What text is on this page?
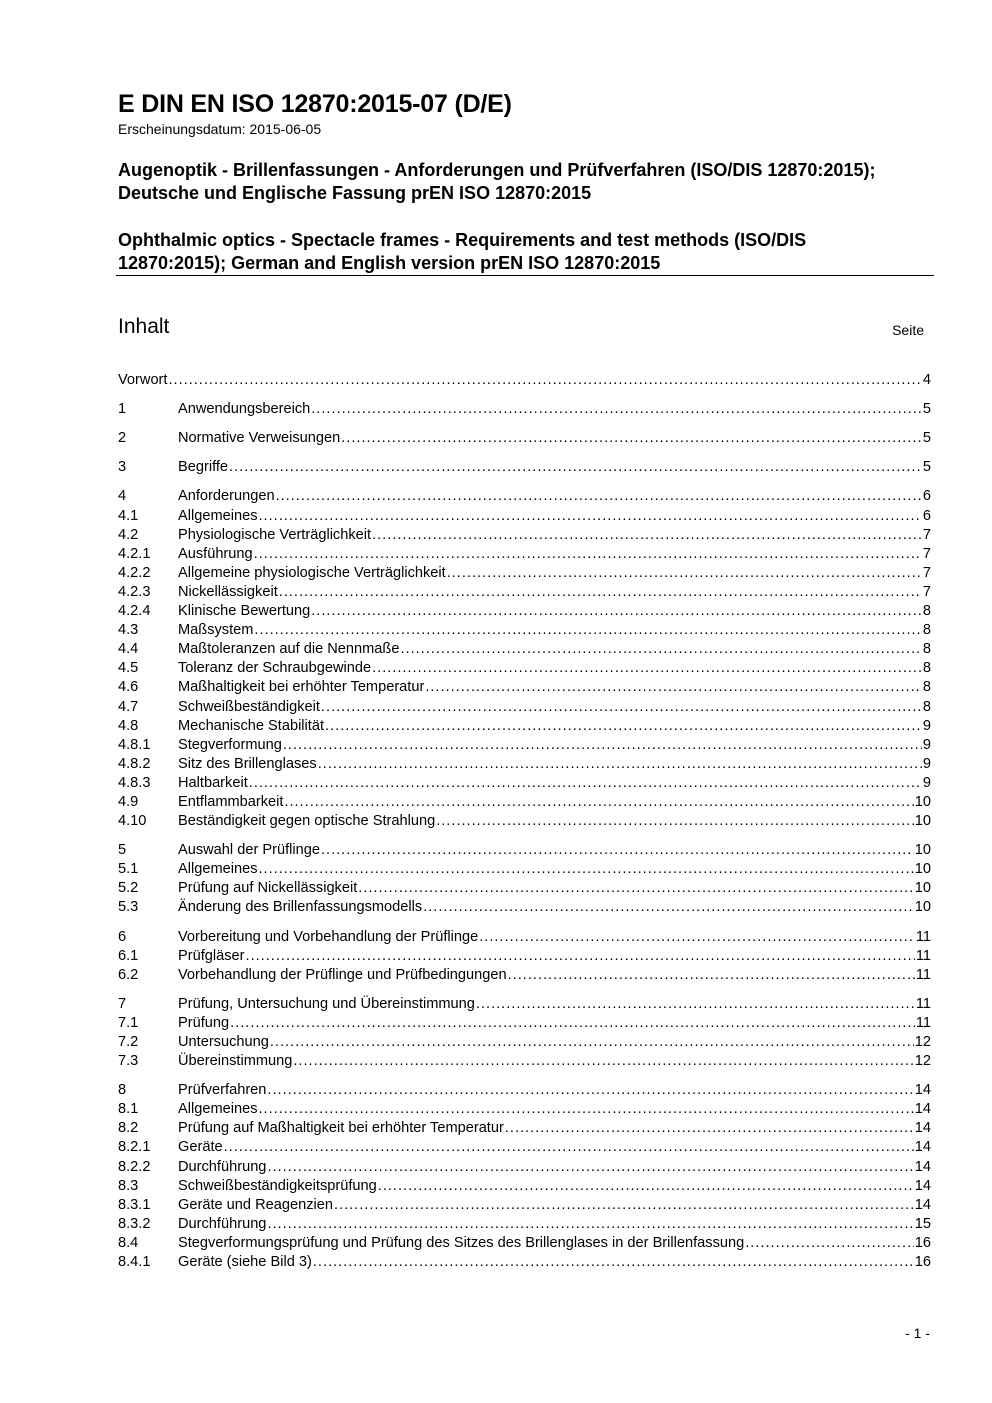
E DIN EN ISO 12870:2015-07 (D/E)
Erscheinungsdatum: 2015-06-05
Augenoptik - Brillenfassungen - Anforderungen und Prüfverfahren (ISO/DIS 12870:2015); Deutsche und Englische Fassung prEN ISO 12870:2015
Ophthalmic optics - Spectacle frames - Requirements and test methods (ISO/DIS 12870:2015); German and English version prEN ISO 12870:2015
Inhalt	Seite
Vorwort .....	4
1	Anwendungsbereich .....	5
2	Normative Verweisungen .....	5
3	Begriffe .....	5
4	Anforderungen .....	6
4.1	Allgemeines .....	6
4.2	Physiologische Verträglichkeit .....	7
4.2.1	Ausführung .....	7
4.2.2	Allgemeine physiologische Verträglichkeit .....	7
4.2.3	Nickellässigkeit .....	7
4.2.4	Klinische Bewertung .....	8
4.3	Maßsystem .....	8
4.4	Maßtoleranzen auf die Nennmaße .....	8
4.5	Toleranz der Schraubgewinde .....	8
4.6	Maßhaltigkeit bei erhöhter Temperatur .....	8
4.7	Schweißbeständigkeit .....	8
4.8	Mechanische Stabilität .....	9
4.8.1	Stegverformung .....	9
4.8.2	Sitz des Brillenglases .....	9
4.8.3	Haltbarkeit .....	9
4.9	Entflammbarkeit .....	10
4.10	Beständigkeit gegen optische Strahlung .....	10
5	Auswahl der Prüflinge .....	10
5.1	Allgemeines .....	10
5.2	Prüfung auf Nickellässigkeit .....	10
5.3	Änderung des Brillenfassungsmodells .....	10
6	Vorbereitung und Vorbehandlung der Prüflinge .....	11
6.1	Prüfgläser .....	11
6.2	Vorbehandlung der Prüflinge und Prüfbedingungen .....	11
7	Prüfung, Untersuchung und Übereinstimmung .....	11
7.1	Prüfung .....	11
7.2	Untersuchung .....	12
7.3	Übereinstimmung .....	12
8	Prüfverfahren .....	14
8.1	Allgemeines .....	14
8.2	Prüfung auf Maßhaltigkeit bei erhöhter Temperatur .....	14
8.2.1	Geräte .....	14
8.2.2	Durchführung .....	14
8.3	Schweißbeständigkeitsprüfung .....	14
8.3.1	Geräte und Reagenzien .....	14
8.3.2	Durchführung .....	15
8.4	Stegverformungsprüfung und Prüfung des Sitzes des Brillenglases in der Brillenfassung .....	16
8.4.1	Geräte (siehe Bild 3) .....	16
- 1 -
